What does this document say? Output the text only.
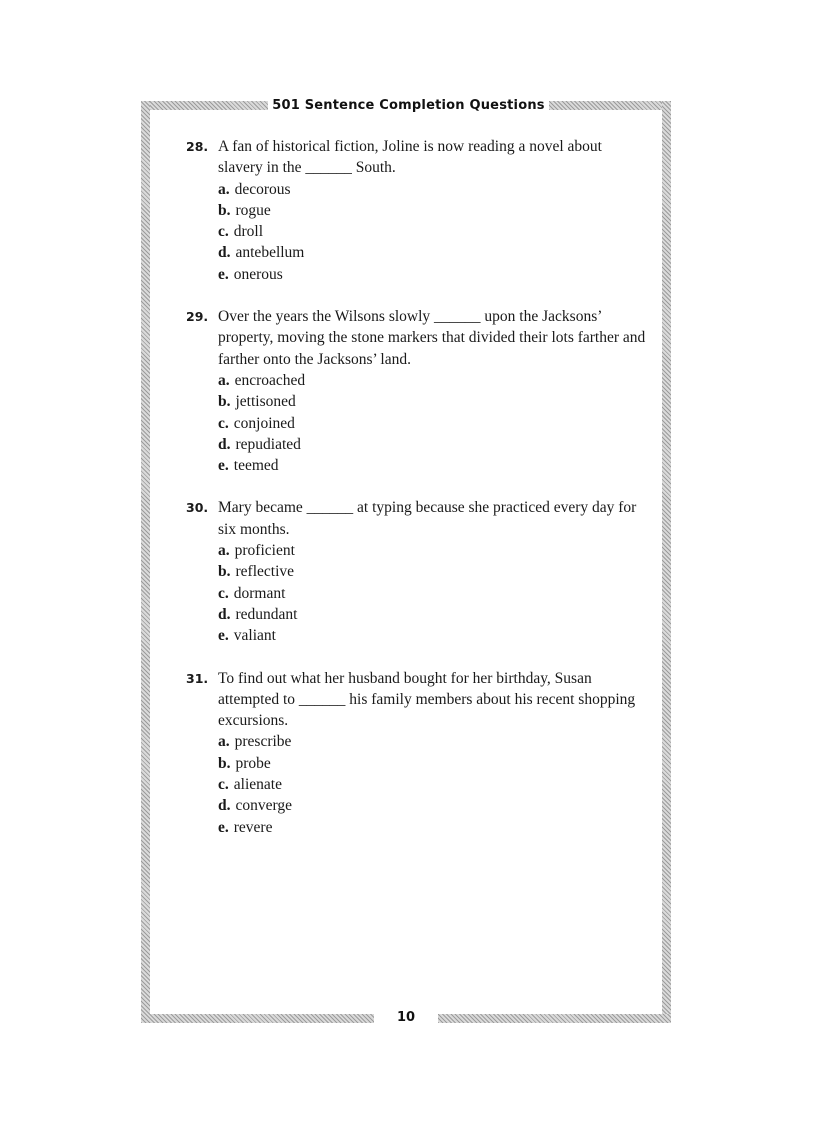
501 Sentence Completion Questions
28. A fan of historical fiction, Joline is now reading a novel about slavery in the ______ South.
a. decorous
b. rogue
c. droll
d. antebellum
e. onerous
29. Over the years the Wilsons slowly ______ upon the Jacksons’ property, moving the stone markers that divided their lots farther and farther onto the Jacksons’ land.
a. encroached
b. jettisoned
c. conjoined
d. repudiated
e. teemed
30. Mary became ______ at typing because she practiced every day for six months.
a. proficient
b. reflective
c. dormant
d. redundant
e. valiant
31. To find out what her husband bought for her birthday, Susan attempted to ______ his family members about his recent shopping excursions.
a. prescribe
b. probe
c. alienate
d. converge
e. revere
10
